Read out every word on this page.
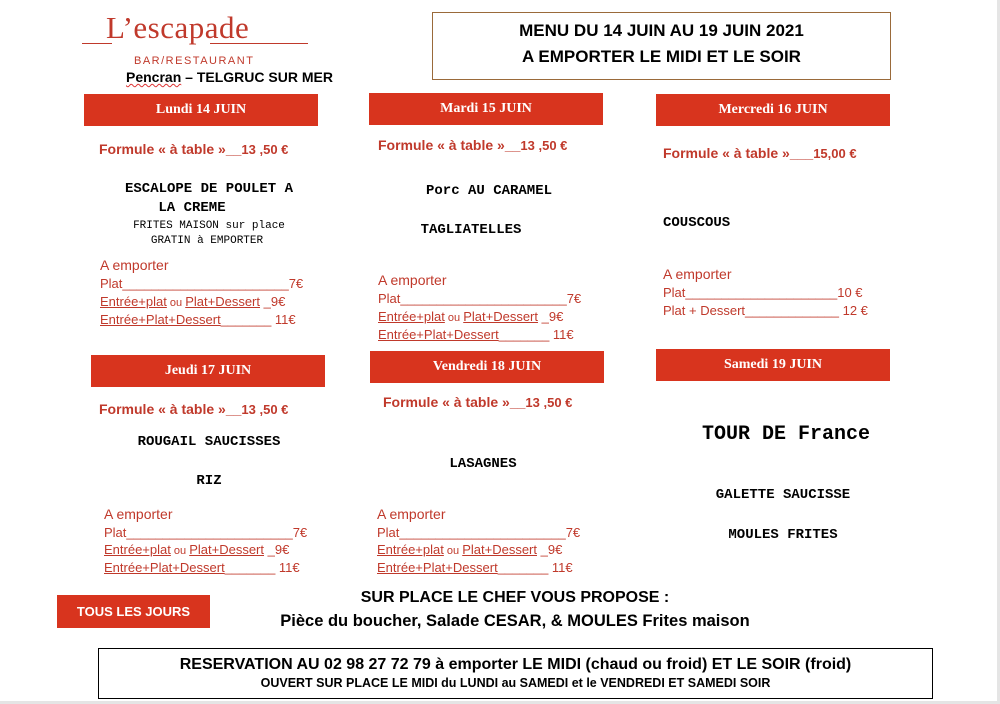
L’escapade
BAR/RESTAURANT
Pencran – TELGRUC SUR MER
MENU DU 14 JUIN AU 19 JUIN 2021
A EMPORTER LE MIDI ET LE SOIR
Lundi 14 JUIN
Formule « à table »__13 ,50 €
ESCALOPE DE POULET A
LA CREME
FRITES MAISON sur place
GRATIN à EMPORTER
A emporter
Plat_______________________7€
Entrée+plat ou Plat+Dessert _9€
Entrée+Plat+Dessert_______ 11€
Mardi 15 JUIN
Formule « à table »__13 ,50 €
Porc AU CARAMEL
TAGLIATELLES
A emporter
Plat_______________________7€
Entrée+plat ou Plat+Dessert _9€
Entrée+Plat+Dessert_______ 11€
Mercredi 16 JUIN
Formule « à table »___15,00 €
COUSCOUS
A emporter
Plat_____________________10 €
Plat + Dessert_____________ 12 €
Jeudi 17 JUIN
Formule « à table »__13 ,50 €
ROUGAIL SAUCISSES
RIZ
A emporter
Plat_______________________7€
Entrée+plat ou Plat+Dessert _9€
Entrée+Plat+Dessert_______ 11€
Vendredi 18 JUIN
Formule « à table »__13 ,50 €
LASAGNES
A emporter
Plat_______________________7€
Entrée+plat ou Plat+Dessert _9€
Entrée+Plat+Dessert_______ 11€
Samedi 19 JUIN
TOUR DE France
GALETTE SAUCISSE
MOULES FRITES
TOUS LES JOURS
SUR PLACE LE CHEF VOUS PROPOSE :
Pièce du boucher, Salade CESAR, & MOULES Frites maison
RESERVATION AU 02 98 27 72 79 à emporter LE MIDI (chaud ou froid) ET LE SOIR (froid)
OUVERT SUR PLACE LE MIDI du LUNDI au SAMEDI et le VENDREDI ET SAMEDI SOIR
